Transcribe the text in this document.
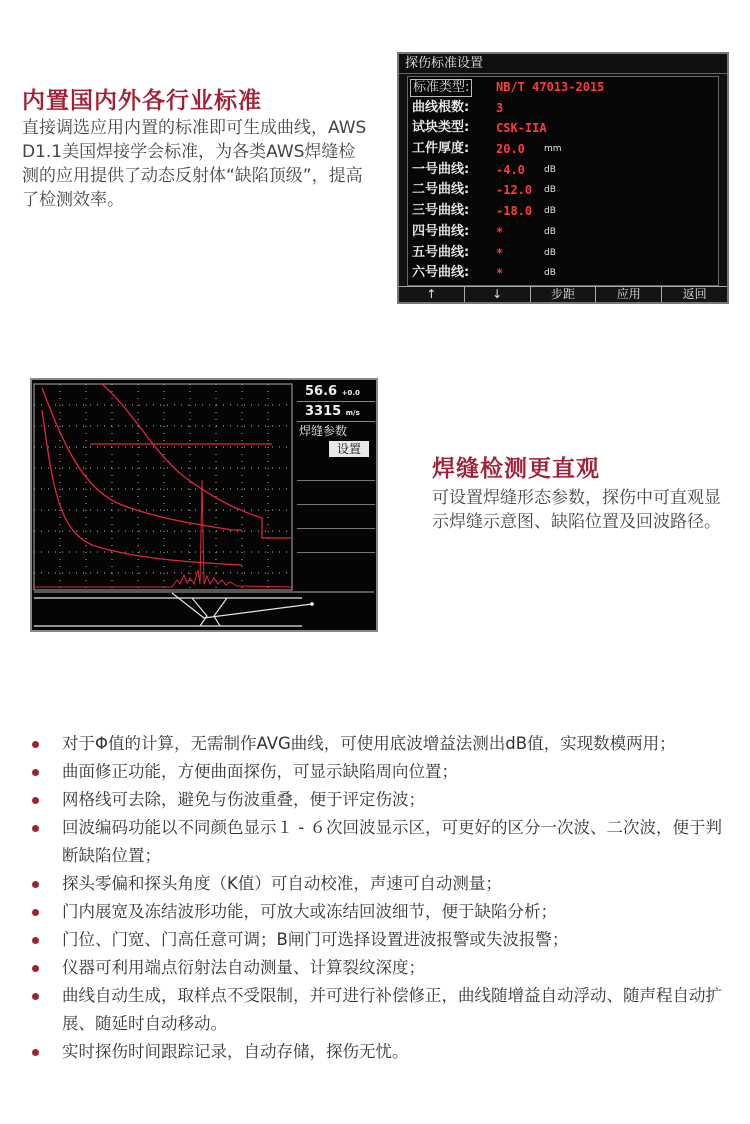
内置国内外各行业标准
直接调选应用内置的标准即可生成曲线，AWS D1.1美国焊接学会标准，为各类AWS焊缝检测的应用提供了动态反射体“缺陷顶级”，提高了检测效率。
探伤标准设置
标准类型: NB/T 47013-2015
曲线根数: 3
试块类型: CSK-IIA
工件厚度: 20.0 mm
一号曲线: -4.0 dB
二号曲线: -12.0 dB
三号曲线: -18.0 dB
四号曲线: *	dB
五号曲线: *	dB
六号曲线: *	dB
↑	↓	步距	应用	返回
56.6 +0.0
3315 m/s
焊缝参数
设置
焊缝检测更直观
可设置焊缝形态参数，探伤中可直观显示焊缝示意图、缺陷位置及回波路径。
对于Φ值的计算，无需制作AVG曲线，可使用底波增益法测出dB值，实现数模两用；
曲面修正功能，方便曲面探伤，可显示缺陷周向位置；
网格线可去除，避免与伤波重叠，便于评定伤波；
回波编码功能以不同颜色显示１ - ６次回波显示区，可更好的区分一次波、二次波，便于判断缺陷位置；
探头零偏和探头角度（K值）可自动校准，声速可自动测量；
门内展宽及冻结波形功能，可放大或冻结回波细节，便于缺陷分析；
门位、门宽、门高任意可调；B闸门可选择设置进波报警或失波报警；
仪器可利用端点衍射法自动测量、计算裂纹深度；
曲线自动生成，取样点不受限制，并可进行补偿修正，曲线随增益自动浮动、随声程自动扩展、随延时自动移动。
实时探伤时间跟踪记录，自动存储，探伤无忧。
